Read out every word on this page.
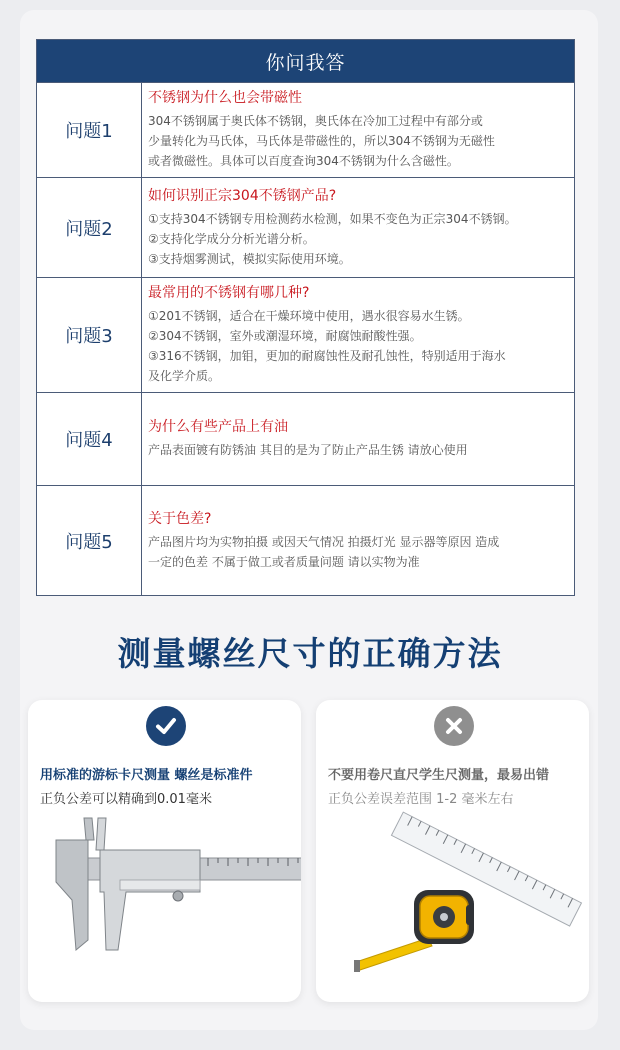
你问我答	
问题1	不锈钢为什么也会带磁性
304不锈钢属于奥氏体不锈钢，奥氏体在冷加工过程中有部分或
少量转化为马氏体，马氏体是带磁性的，所以304不锈钢为无磁性
或者微磁性。具体可以百度查询304不锈钢为什么含磁性。

问题2	如何识别正宗304不锈钢产品?
①支持304不锈钢专用检测药水检测，如果不变色为正宗304不锈钢。
②支持化学成分分析光谱分析。
③支持烟雾测试，模拟实际使用环境。

问题3	最常用的不锈钢有哪几种?
①201不锈钢，适合在干燥环境中使用，遇水很容易水生锈。
②304不锈钢，室外或潮湿环境，耐腐蚀耐酸性强。
③316不锈钢，加钼，更加的耐腐蚀性及耐孔蚀性，特别适用于海水
及化学介质。

问题4	为什么有些产品上有油
产品表面镀有防锈油 其目的是为了防止产品生锈 请放心使用

问题5	关于色差?
产品图片均为实物拍摄 或因天气情况 拍摄灯光 显示器等原因 造成
一定的色差 不属于做工或者质量问题 请以实物为准
测量螺丝尺寸的正确方法
用标准的游标卡尺测量 螺丝是标准件
正负公差可以精确到0.01毫米
不要用卷尺直尺学生尺测量，最易出错
正负公差误差范围 1-2 毫米左右
